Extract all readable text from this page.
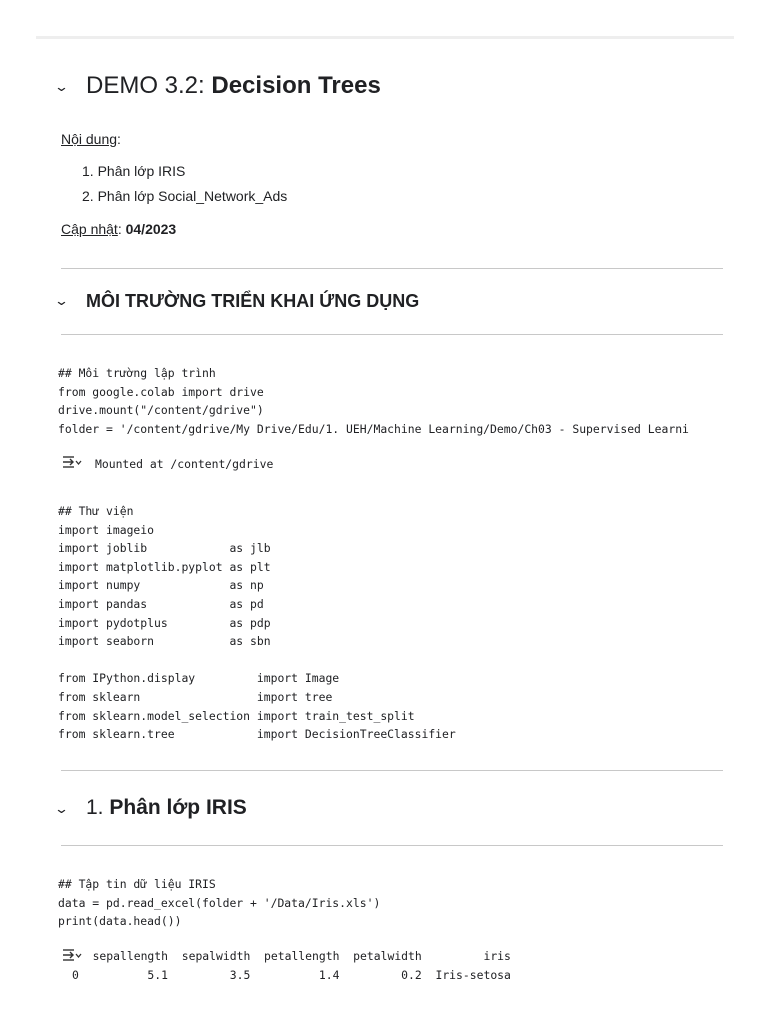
⌄ DEMO 3.2: Decision Trees
Nội dung:
1. Phân lớp IRIS
2. Phân lớp Social_Network_Ads
Cập nhật: 04/2023
⌄ MÔI TRƯỜNG TRIỂN KHAI ỨNG DỤNG
## Môi trường lập trình
from google.colab import drive
drive.mount("/content/gdrive")
folder = '/content/gdrive/My Drive/Edu/1. UEH/Machine Learning/Demo/Ch03 - Supervised Learni
Mounted at /content/gdrive
## Thư viện
import imageio
import joblib            as jlb
import matplotlib.pyplot as plt
import numpy             as np
import pandas            as pd
import pydotplus         as pdp
import seaborn           as sbn

from IPython.display         import Image
from sklearn                 import tree
from sklearn.model_selection import train_test_split
from sklearn.tree            import DecisionTreeClassifier
⌄ 1. Phân lớp IRIS
## Tập tin dữ liệu IRIS
data = pd.read_excel(folder + '/Data/Iris.xls')
print(data.head())
sepallength  sepalwidth  petallength  petalwidth         iris
0          5.1         3.5          1.4         0.2  Iris-setosa
